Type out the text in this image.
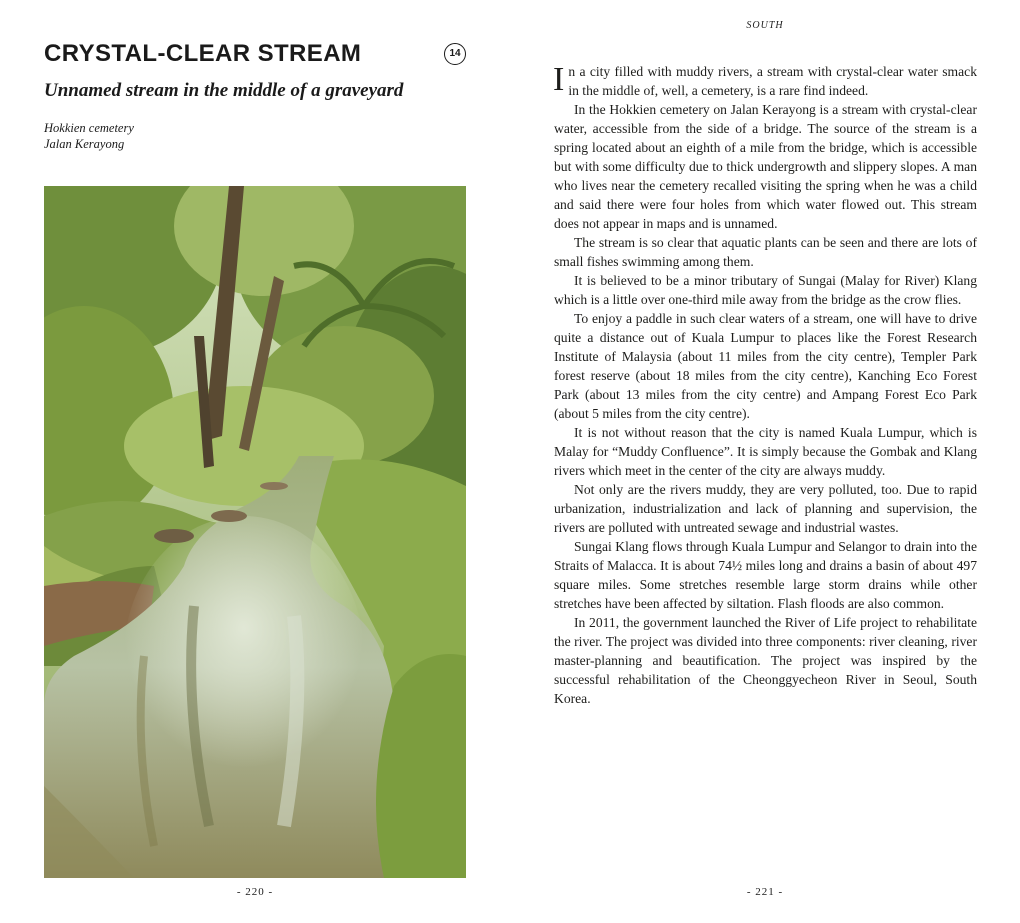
CRYSTAL-CLEAR STREAM	14
Unnamed stream in the middle of a graveyard
Hokkien cemetery
Jalan Kerayong
- 220 -
SOUTH

In a city filled with muddy rivers, a stream with crystal-clear water smack in the middle of, well, a cemetery, is a rare find indeed.

In the Hokkien cemetery on Jalan Kerayong is a stream with crystal-clear water, accessible from the side of a bridge. The source of the stream is a spring located about an eighth of a mile from the bridge, which is accessible but with some difficulty due to thick undergrowth and slippery slopes. A man who lives near the cemetery recalled visiting the spring when he was a child and said there were four holes from which water flowed out. This stream does not appear in maps and is unnamed.

The stream is so clear that aquatic plants can be seen and there are lots of small fishes swimming among them.

It is believed to be a minor tributary of Sungai (Malay for River) Klang which is a little over one-third mile away from the bridge as the crow flies.

To enjoy a paddle in such clear waters of a stream, one will have to drive quite a distance out of Kuala Lumpur to places like the Forest Research Institute of Malaysia (about 11 miles from the city centre), Templer Park forest reserve (about 18 miles from the city centre), Kanching Eco Forest Park (about 13 miles from the city centre) and Ampang Forest Eco Park (about 5 miles from the city centre).

It is not without reason that the city is named Kuala Lumpur, which is Malay for “Muddy Confluence”. It is simply because the Gombak and Klang rivers which meet in the center of the city are always muddy.

Not only are the rivers muddy, they are very polluted, too. Due to rapid urbanization, industrialization and lack of planning and supervision, the rivers are polluted with untreated sewage and industrial wastes.

Sungai Klang flows through Kuala Lumpur and Selangor to drain into the Straits of Malacca. It is about 74½ miles long and drains a basin of about 497 square miles. Some stretches resemble large storm drains while other stretches have been affected by siltation. Flash floods are also common.

In 2011, the government launched the River of Life project to rehabilitate the river. The project was divided into three components: river cleaning, river master-planning and beautification. The project was inspired by the successful rehabilitation of the Cheonggyecheon River in Seoul, South Korea.

- 221 -
